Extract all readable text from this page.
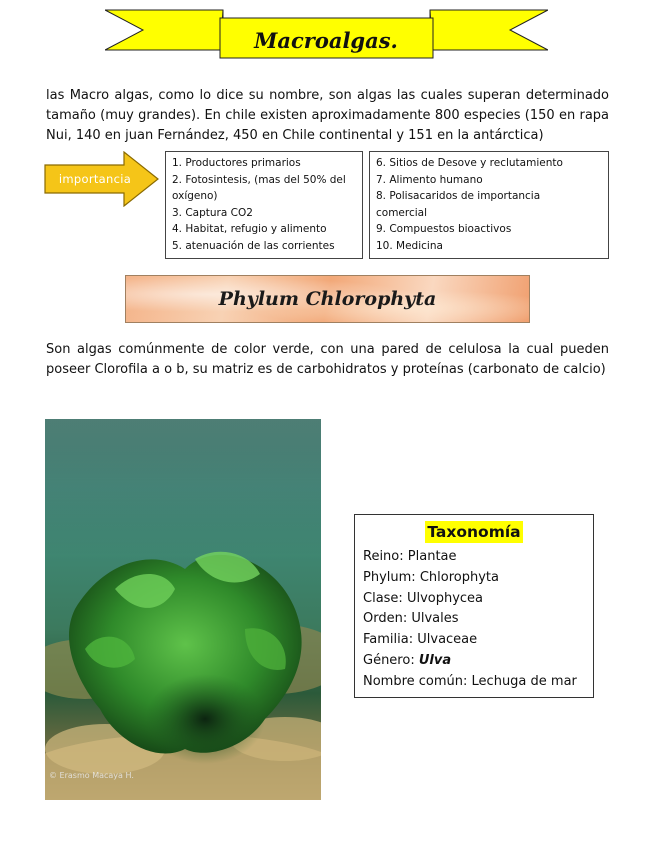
Macroalgas.
las Macro algas, como lo dice su nombre, son algas las cuales superan determinado tamaño (muy grandes). En chile existen aproximadamente 800 especies (150 en rapa Nui, 140 en juan Fernández, 450 en Chile continental y 151 en la antárctica)
importancia
1. Productores primarios
2. Fotosintesis, (mas del 50% del
oxígeno)
3. Captura CO2
4. Habitat, refugio y alimento
5. atenuación de las corrientes
6. Sitios de Desove y reclutamiento
7. Alimento humano
8. Polisacaridos de importancia
comercial
9. Compuestos bioactivos
10. Medicina
Phylum Chlorophyta
Son algas comúnmente de color verde, con una pared de celulosa la cual pueden poseer Clorofila a o b, su matriz es de carbohidratos y proteínas (carbonato de calcio)
© Erasmo Macaya H.
Taxonomía
Reino: Plantae
Phylum: Chlorophyta
Clase: Ulvophycea
Orden: Ulvales
Familia: Ulvaceae
Género: Ulva
Nombre común: Lechuga de mar
